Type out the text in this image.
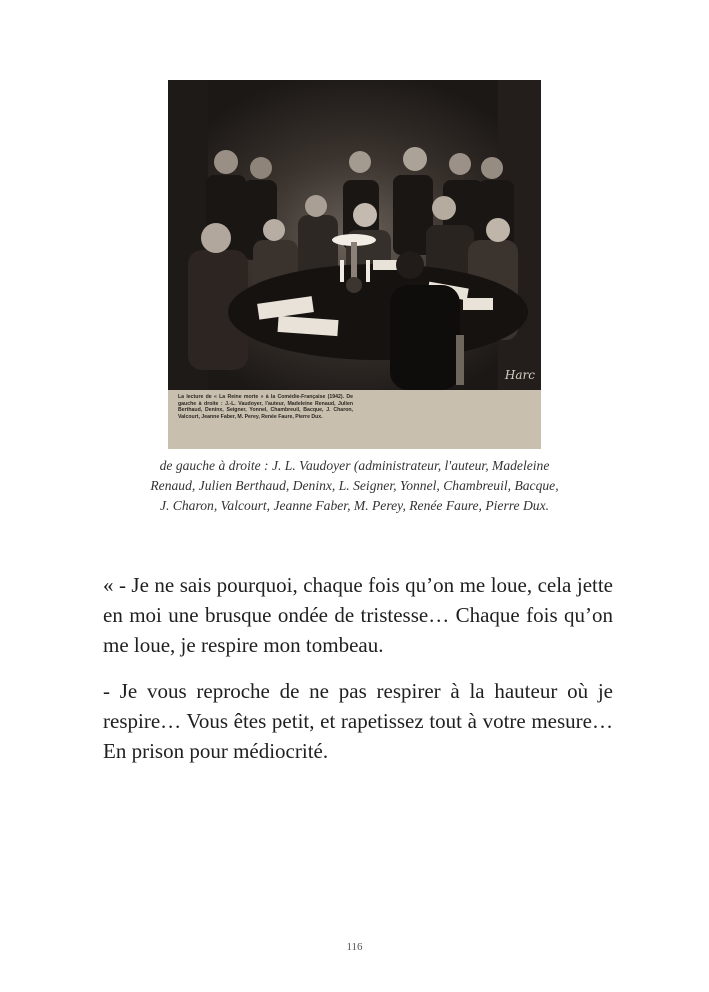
Harc
La lecture de « La Reine morte » à la Comédie-Française (1942). De gauche à droite : J.-L. Vaudoyer, l'auteur, Madeleine Renaud, Julien Berthaud, Deninx, Seigner, Yonnel, Chambreuil, Bacque, J. Charon, Valcourt, Jeanne Faber, M. Perey, Renée Faure, Pierre Dux.
de gauche à droite : J. L. Vaudoyer (administrateur, l'auteur, Madeleine Renaud, Julien Berthaud, Deninx, L. Seigner, Yonnel, Chambreuil, Bacque, J. Charon, Valcourt, Jeanne Faber, M. Perey, Renée Faure, Pierre Dux.
« - Je ne sais pourquoi, chaque fois qu’on me loue, cela jette en moi une brusque ondée de tristesse… Chaque fois qu’on me loue, je respire mon tombeau.
- Je vous reproche de ne pas respirer à la hauteur où je respire… Vous êtes petit, et rapetissez tout à votre mesure… En prison pour médiocrité.
116
